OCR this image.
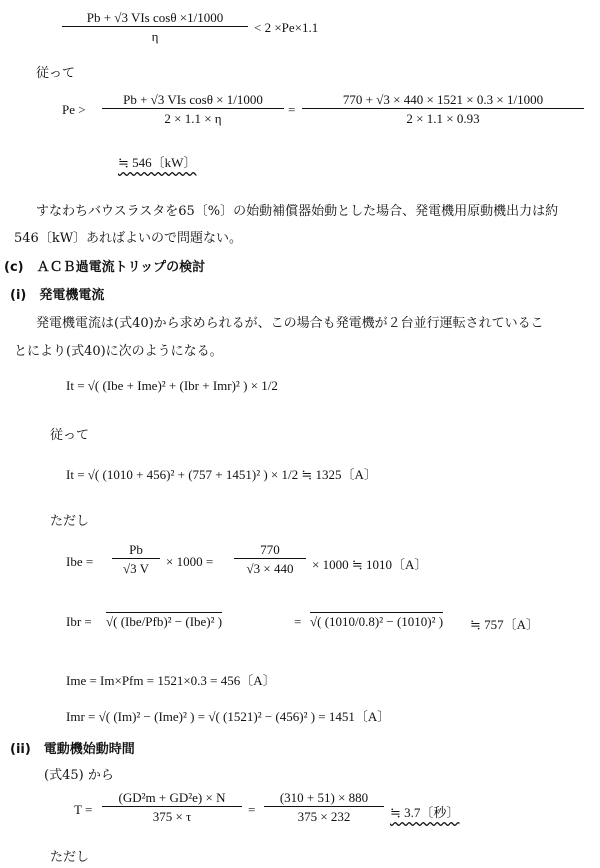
Pb + √3 VIs cosθ ×1/1000
η
< 2 ×Pe×1.1
従って
Pe >
Pb + √3 VIs cosθ × 1/1000
2 × 1.1 × η
= $\frac{770 + √3 \times 440 \times 1521 \times 0.3 \times 1/1000}{2 \times 1.1 \times 0.93}$
≒ 546〔kW〕
すなわちバウスラスタを65〔%〕の始動補償器始動とした場合、発電機用原動機出力は約
546〔kW〕あればよいので問題ない。
(c)　ＡＣＢ過電流トリップの検討
(i)　発電機電流
発電機電流は(式40)から求められるが、この場合も発電機が２台並行運転されているこ
とにより(式40)に次のようになる。
It = √( (Ibe + Ime)² + (Ibr + Imr)² ) × 1/2
従って
It = √( (1010 + 456)² + (757 + 1451)² ) × 1/2 ≒ 1325〔A〕
ただし
Ibe = $\frac{Pb}{√3 V} \times 1000 = \frac{770}{√3 \times 440} \times 1000$ ≒ 1010〔A〕
Ibr = √( (Ibe/Pfb)² − (Ibe)² )	= √( (1010/0.8)² − (1010)² ) ≒ 757〔A〕
Ime = Im×Pfm = 1521×0.3 = 456〔A〕
Imr = √( (Im)² − (Ime)² ) = √( (1521)² − (456)² ) = 1451〔A〕
(ii)　電動機始動時間
(式45) から
$T = \frac{\text{(GD²m + GD²e) × N}}{375 \times \tau} = \frac{(310 + 51) \times 880}{375 \times 232}$ ≒ 3.7〔秒〕
ただし
